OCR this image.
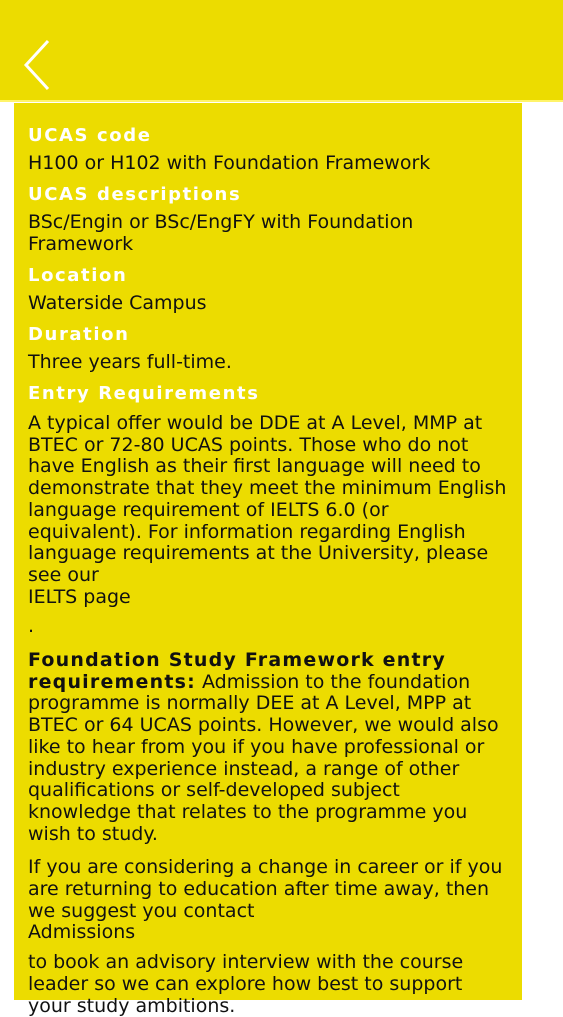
UCAS code

H100 or H102 with Foundation Framework

UCAS descriptions

BSc/Engin or BSc/EngFY with Foundation Framework

Location

Waterside Campus

Duration

Three years full-time.

Entry Requirements

A typical offer would be DDE at A Level, MMP at BTEC or 72-80 UCAS points. Those who do not have English as their first language will need to demonstrate that they meet the minimum English language requirement of IELTS 6.0 (or equivalent). For information regarding English language requirements at the University, please see our

IELTS page

.

Foundation Study Framework entry requirements: Admission to the foundation programme is normally DEE at A Level, MPP at BTEC or 64 UCAS points. However, we would also like to hear from you if you have professional or industry experience instead, a range of other qualifications or self-developed subject knowledge that relates to the programme you wish to study.

If you are considering a change in career or if you are returning to education after time away, then we suggest you contact

Admissions

to book an advisory interview with the course leader so we can explore how best to support your study ambitions.
